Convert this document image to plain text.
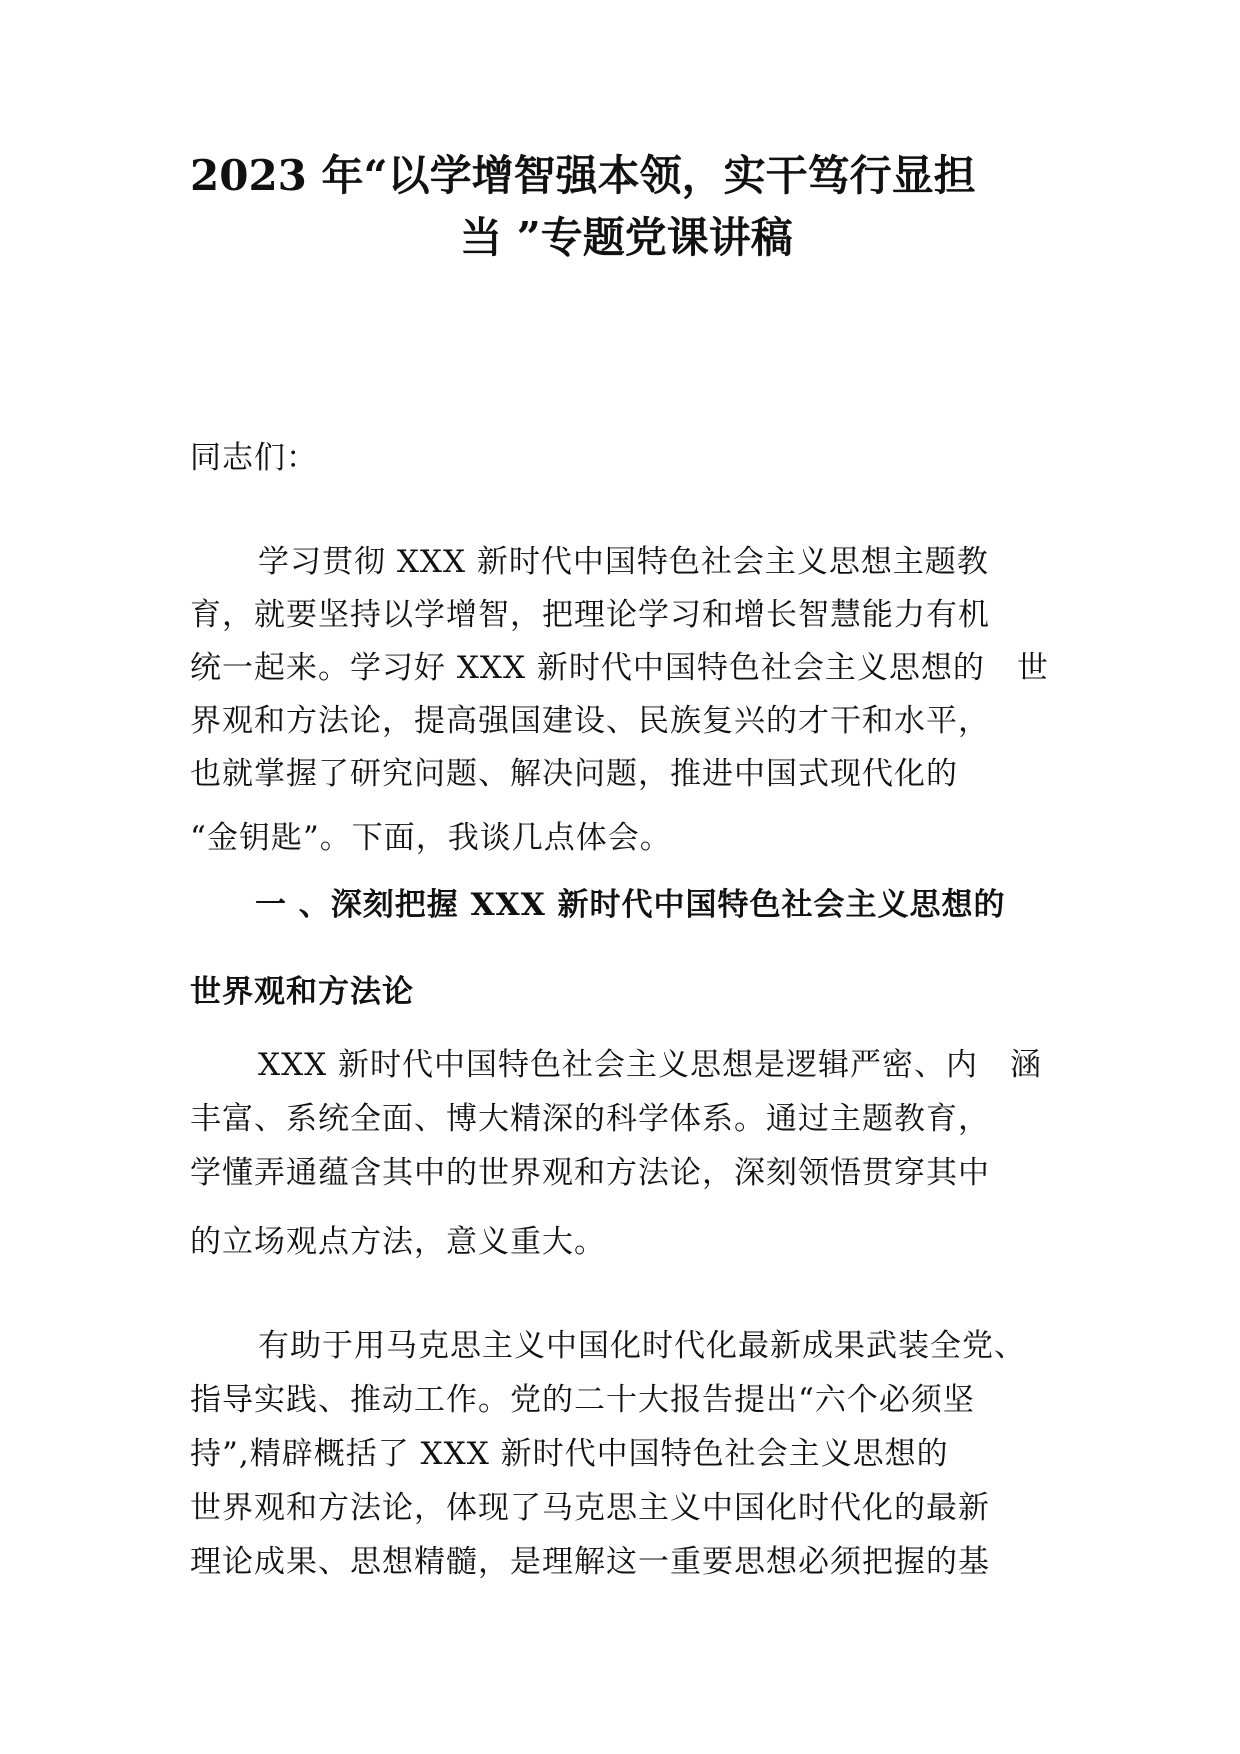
2023 年“以学增智强本领，实干笃行显担
当 ”专题党课讲稿
同志们：
学习贯彻 XXX 新时代中国特色社会主义思想主题教
育，就要坚持以学增智，把理论学习和增长智慧能力有机
统一起来。学习好 XXX 新时代中国特色社会主义思想的　世
界观和方法论，提高强国建设、民族复兴的才干和水平，
也就掌握了研究问题、解决问题，推进中国式现代化的
“金钥匙”。下面，我谈几点体会。
一 、深刻把握 XXX 新时代中国特色社会主义思想的
世界观和方法论
XXX 新时代中国特色社会主义思想是逻辑严密、内　涵
丰富、系统全面、博大精深的科学体系。通过主题教育，
学懂弄通蕴含其中的世界观和方法论，深刻领悟贯穿其中
的立场观点方法，意义重大。
有助于用马克思主义中国化时代化最新成果武装全党、
指导实践、推动工作。党的二十大报告提出“六个必须坚
持”,精辟概括了 XXX 新时代中国特色社会主义思想的
世界观和方法论，体现了马克思主义中国化时代化的最新
理论成果、思想精髓，是理解这一重要思想必须把握的基
